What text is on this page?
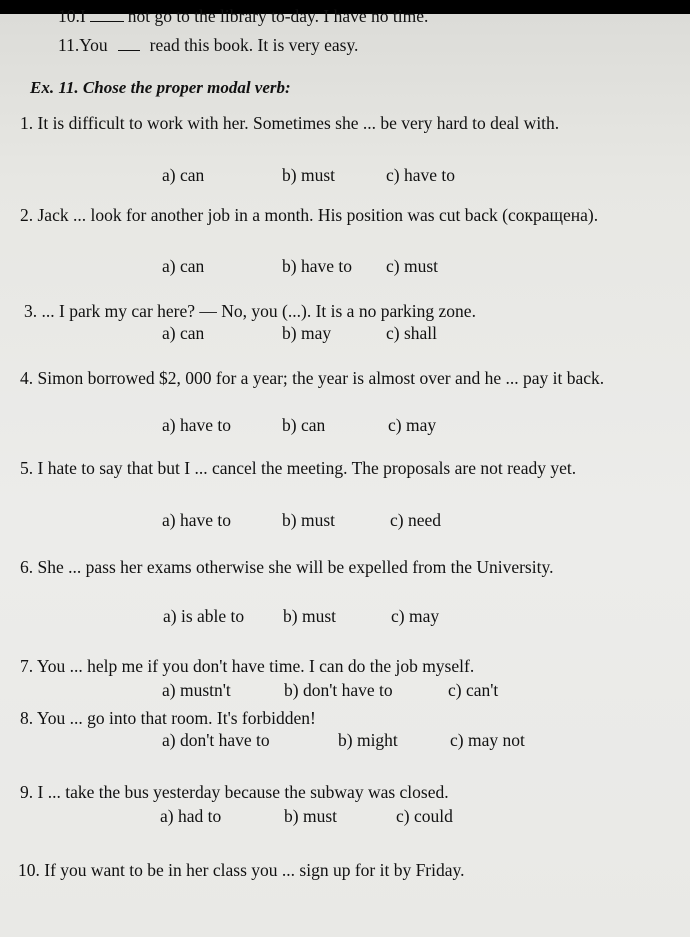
10.I not go to the library to-day. I have no time.
11.You read this book. It is very easy.
Ex. 11. Chose the proper modal verb:
1. It is difficult to work with her. Sometimes she ... be very hard to deal with.
a) can	b) must	c) have to
2. Jack ... look for another job in a month. His position was cut back (сокращена).
a) can	b) have to	c) must
3. ... I park my car here? — No, you (...). It is a no parking zone.
a) can	b) may	c) shall
4. Simon borrowed $2, 000 for a year; the year is almost over and he ... pay it back.
a) have to	b) can	c) may
5. I hate to say that but I ... cancel the meeting. The proposals are not ready yet.
a) have to	b) must	c) need
6. She ... pass her exams otherwise she will be expelled from the University.
a) is able to	b) must	c) may
7. You ... help me if you don't have time. I can do the job myself.
a) mustn't	b) don't have to	c) can't
8. You ... go into that room. It's forbidden!
a) don't have to	b) might	c) may not
9. I ... take the bus yesterday because the subway was closed.
a) had to	b) must	c) could
10. If you want to be in her class you ... sign up for it by Friday.
